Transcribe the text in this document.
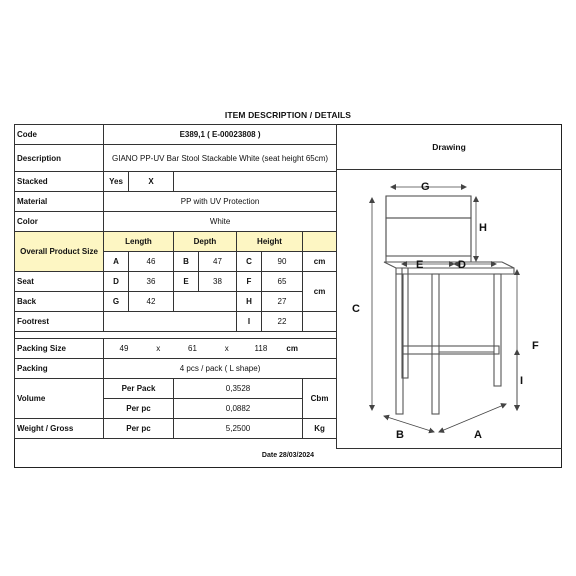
ITEM DESCRIPTION / DETAILS
Code	E389,1 ( E-00023808 )						
Description	GIANO PP-UV Bar Stool Stackable White (seat height 65cm)						
Stacked	Yes	X					
Material	PP with UV Protection						
Color	White						
Overall Product Size	Length		Depth		Height		
	A	46	B	47	C	90	cm
Seat	D	36	E	38	F	65	cm
Back	G	42			H	27	
Footrest					I	22	

Packing Size	49 x 61 x 118 cm						
Packing	4 pcs / pack ( L shape)						
Volume	Per Pack		0,3528				Cbm
	Per pc		0,0882				
Weight / Gross	Per pc		5,2500				Kg
Drawing
G
H
E	D
C
F
I
B	A
Date 28/03/2024
